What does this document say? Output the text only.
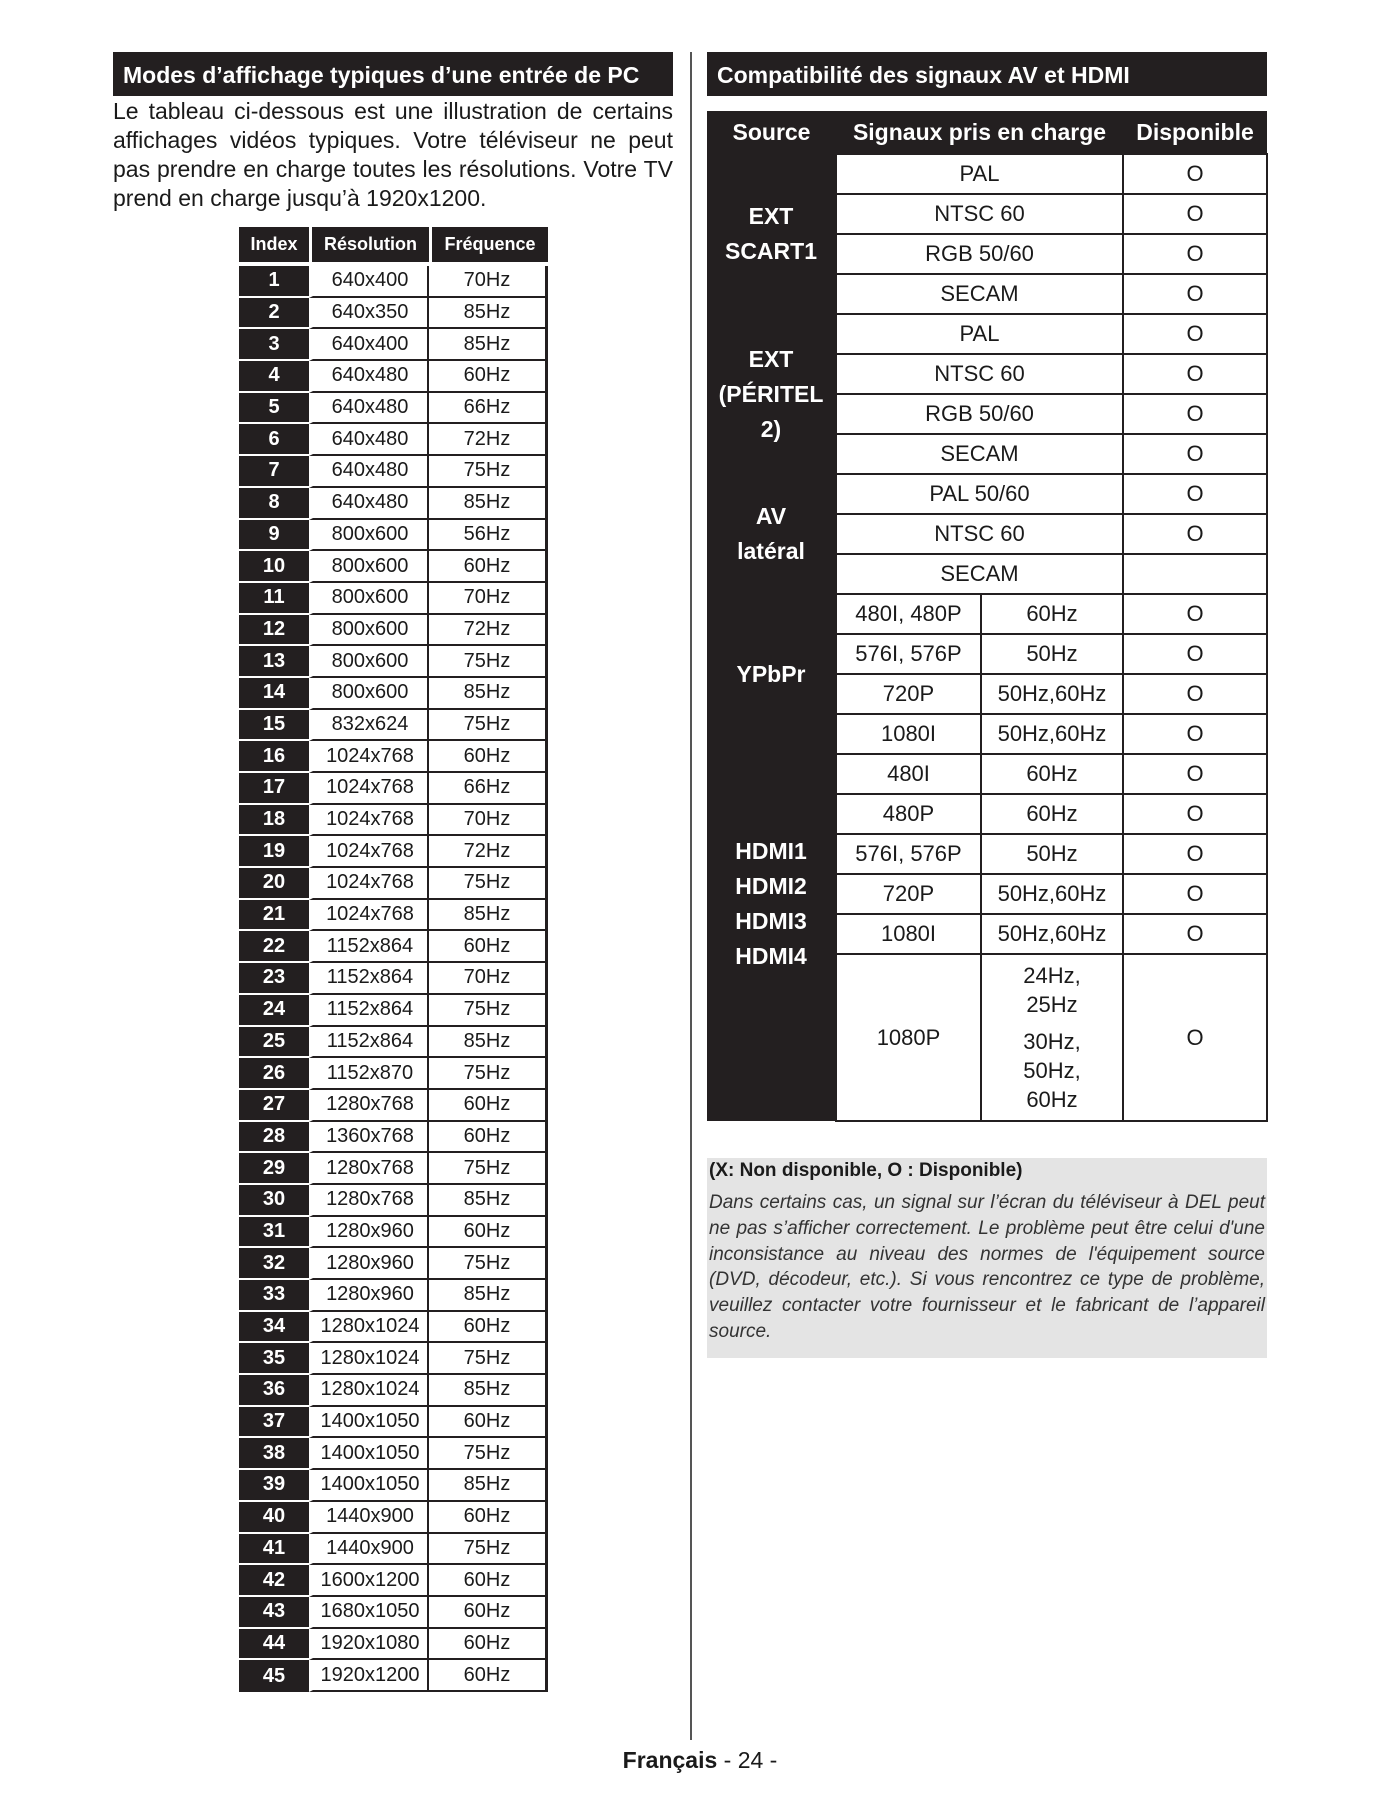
Modes d’affichage typiques d’une entrée de PC
Le tableau ci-dessous est une illustration de certains affichages vidéos typiques. Votre téléviseur ne peut pas prendre en charge toutes les résolutions. Votre TV prend en charge jusqu’à 1920x1200.
Index	Résolution	Fréquence
1	640x400	70Hz
2	640x350	85Hz
3	640x400	85Hz
4	640x480	60Hz
5	640x480	66Hz
6	640x480	72Hz
7	640x480	75Hz
8	640x480	85Hz
9	800x600	56Hz
10	800x600	60Hz
11	800x600	70Hz
12	800x600	72Hz
13	800x600	75Hz
14	800x600	85Hz
15	832x624	75Hz
16	1024x768	60Hz
17	1024x768	66Hz
18	1024x768	70Hz
19	1024x768	72Hz
20	1024x768	75Hz
21	1024x768	85Hz
22	1152x864	60Hz
23	1152x864	70Hz
24	1152x864	75Hz
25	1152x864	85Hz
26	1152x870	75Hz
27	1280x768	60Hz
28	1360x768	60Hz
29	1280x768	75Hz
30	1280x768	85Hz
31	1280x960	60Hz
32	1280x960	75Hz
33	1280x960	85Hz
34	1280x1024	60Hz
35	1280x1024	75Hz
36	1280x1024	85Hz
37	1400x1050	60Hz
38	1400x1050	75Hz
39	1400x1050	85Hz
40	1440x900	60Hz
41	1440x900	75Hz
42	1600x1200	60Hz
43	1680x1050	60Hz
44	1920x1080	60Hz
45	1920x1200	60Hz
Compatibilité des signaux AV et HDMI
Source	Signaux pris en charge		Disponible

EXT
SCART1	PAL		O
	NTSC 60		O
	RGB 50/60		O
	SECAM		O

EXT
(PÉRITEL
2)	PAL		O
	NTSC 60		O
	RGB 50/60		O
	SECAM		O

AV
latéral	PAL 50/60		O
	NTSC 60		O
	SECAM		

YPbPr	480I, 480P	60Hz	O
	576I, 576P	50Hz	O
	720P	50Hz,60Hz	O
	1080I	50Hz,60Hz	O

HDMI1
HDMI2
HDMI3
HDMI4	480I	60Hz	O
	480P	60Hz	O
	576I, 576P	50Hz	O
	720P	50Hz,60Hz	O
	1080I	50Hz,60Hz	O
	1080P	24Hz,
25Hz
30Hz,
50Hz,
60Hz	O
(X: Non disponible, O : Disponible)
Dans certains cas, un signal sur l’écran du téléviseur à DEL peut ne pas s’afficher correctement. Le problème peut être celui d'une inconsistance au niveau des normes de l'équipement source (DVD, décodeur, etc.). Si vous rencontrez ce type de problème, veuillez contacter votre fournisseur et le fabricant de l’appareil source.
Français - 24 -
